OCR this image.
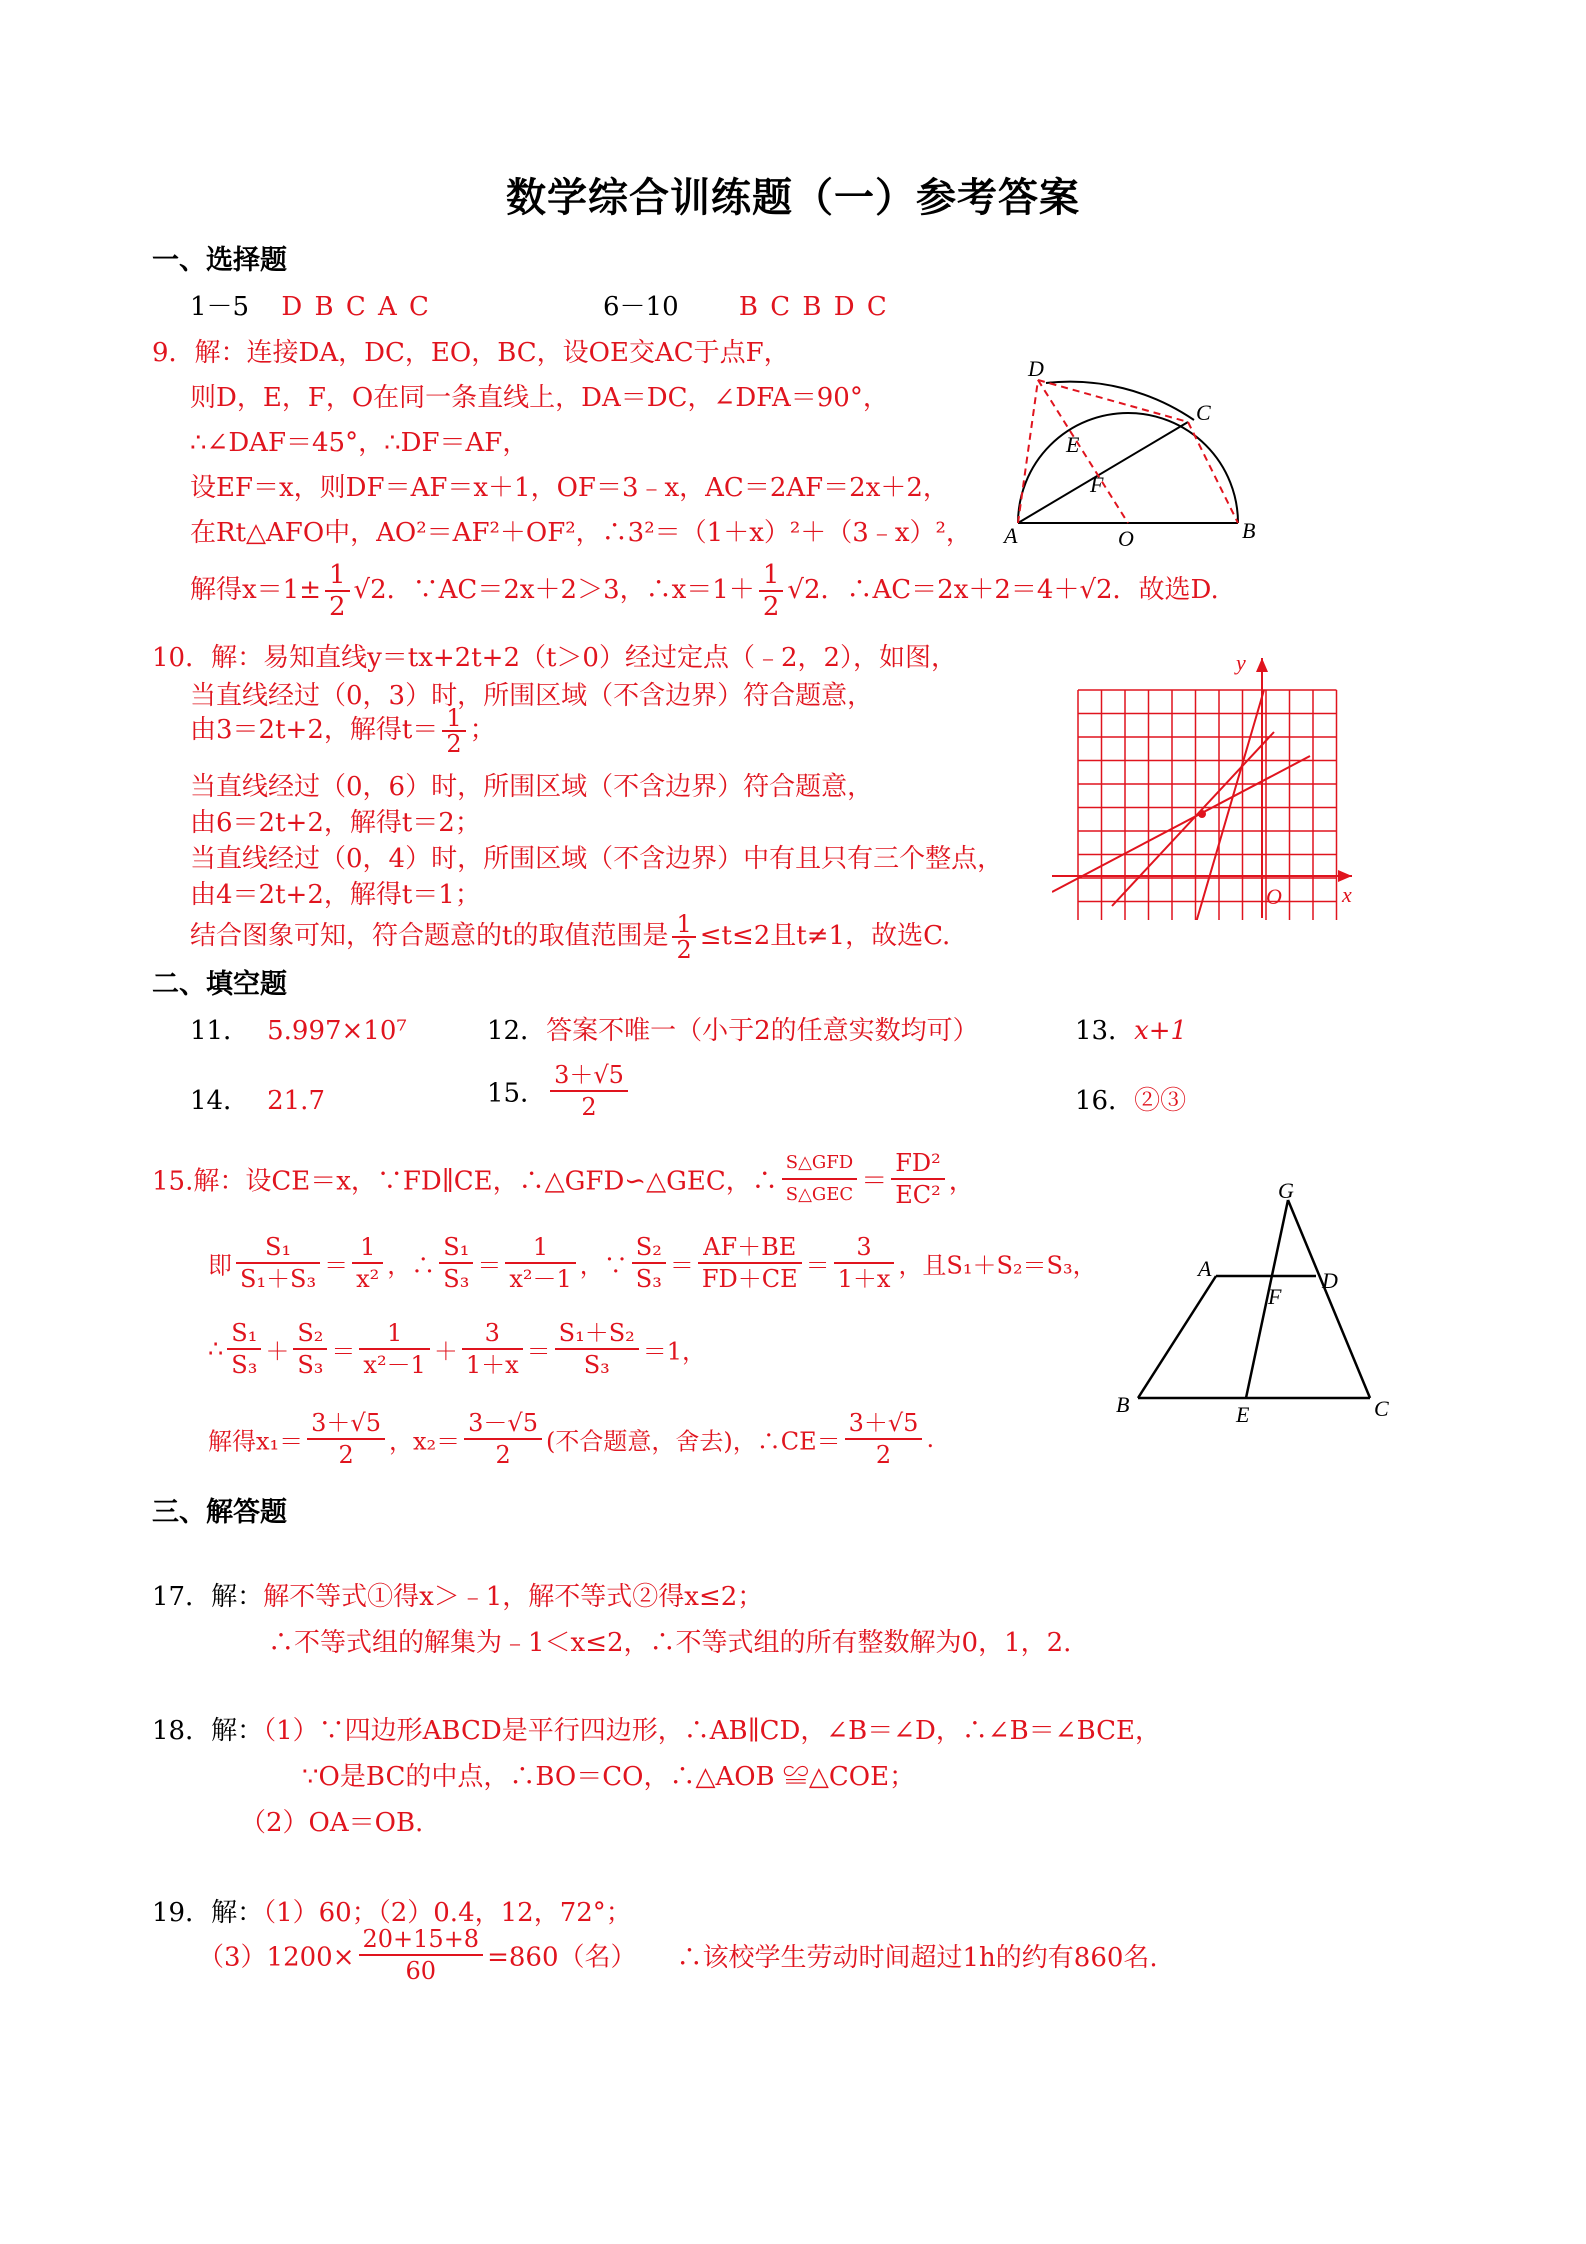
数学综合训练题（一）参考答案
一、选择题
1－5 D B C A C	6－10 B C B D C
9．解：连接DA，DC，EO，BC，设OE交AC于点F，
则D，E，F，O在同一条直线上，DA＝DC，∠DFA＝90°，
∴∠DAF＝45°，∴DF＝AF，
设EF＝x，则DF＝AF＝x＋1，OF＝3﹣x，AC＝2AF＝2x＋2，
在Rt△AFO中，AO²＝AF²＋OF²，∴3²＝（1＋x）²＋（3﹣x）²，
解得$x=1\pm \frac{1}{2} √2$．∵AC＝2x＋2＞3，∴x＝1＋ $\frac{1}{2} √2$．∴AC＝2x＋2＝4＋√2．故选D.
D
E
C
F
A	O	B
10．解：易知直线y＝tx+2t+2（t＞0）经过定点（﹣2，2），如图，
当直线经过（0，3）时，所围区域（不含边界）符合题意，
由3＝2t+2，解得$t= \frac{1}{2}$ ；
当直线经过（0，6）时，所围区域（不含边界）符合题意，
由6＝2t+2，解得t＝2；
当直线经过（0，4）时，所围区域（不含边界）中有且只有三个整点，
由4＝2t+2，解得t＝1；
结合图象可知，符合题意的t的取值范围是 $\frac{1}{2} \le t\le 2$且t≠1，故选C.
y
x
O
二、填空题
11． 5.997×10⁷	12．答案不唯一（小于2的任意实数均可）	13．x+1
14． 21.7	15． $\frac{3+√5}{2}$	16．②③
15.解：设CE＝x，∵FD∥CE，∴△GFD∽△GEC，∴ $\frac{\text{S△GFD}}{\text{S△GEC}} = \frac{\text{FD²}}{\text{EC²}}$ ，
即 $\frac{\text{S₁}}{\text{S₁＋S₃}} = \frac{1}{\text{x²}}$ ，∴ $\frac{\text{S₁}}{\text{S₃}} = \frac{1}{\text{x²－1}}$ ，∵ $\frac{\text{S₂}}{\text{S₃}} = \frac{AF+BE}{FD+CE} = \frac{3}{1+x}$ ，且S₁＋S₂＝S₃，
∴ $\frac{\text{S₁}}{\text{S₃}} + \frac{\text{S₂}}{\text{S₃}} = \frac{1}{\text{x²－1}} + \frac{3}{1+x} = \frac{\text{S₁＋S₂}}{\text{S₃}} =1$，
解得$x_1= \frac{3+√5}{2}$ ，$x_2= \frac{3-√5}{2}$ (不合题意，舍去)，∴CE＝ $\frac{3+√5}{2}$ .
G
A	D
F
B	E	C
三、解答题
17．解：解不等式①得x＞﹣1，解不等式②得x≤2；
∴不等式组的解集为﹣1＜x≤2，∴不等式组的所有整数解为0，1，2.
18．解：（1）∵四边形ABCD是平行四边形，∴AB∥CD，∠B＝∠D，∴∠B＝∠BCE，
∵O是BC的中点，∴BO＝CO，∴△AOB ≌△COE；
（2）OA＝OB.
19．解：（1）60；（2）0.4，12，72°；
$(3)1200\times \frac{20+15+8}{60} =860$（名） ∴该校学生劳动时间超过1h的约有860名.
